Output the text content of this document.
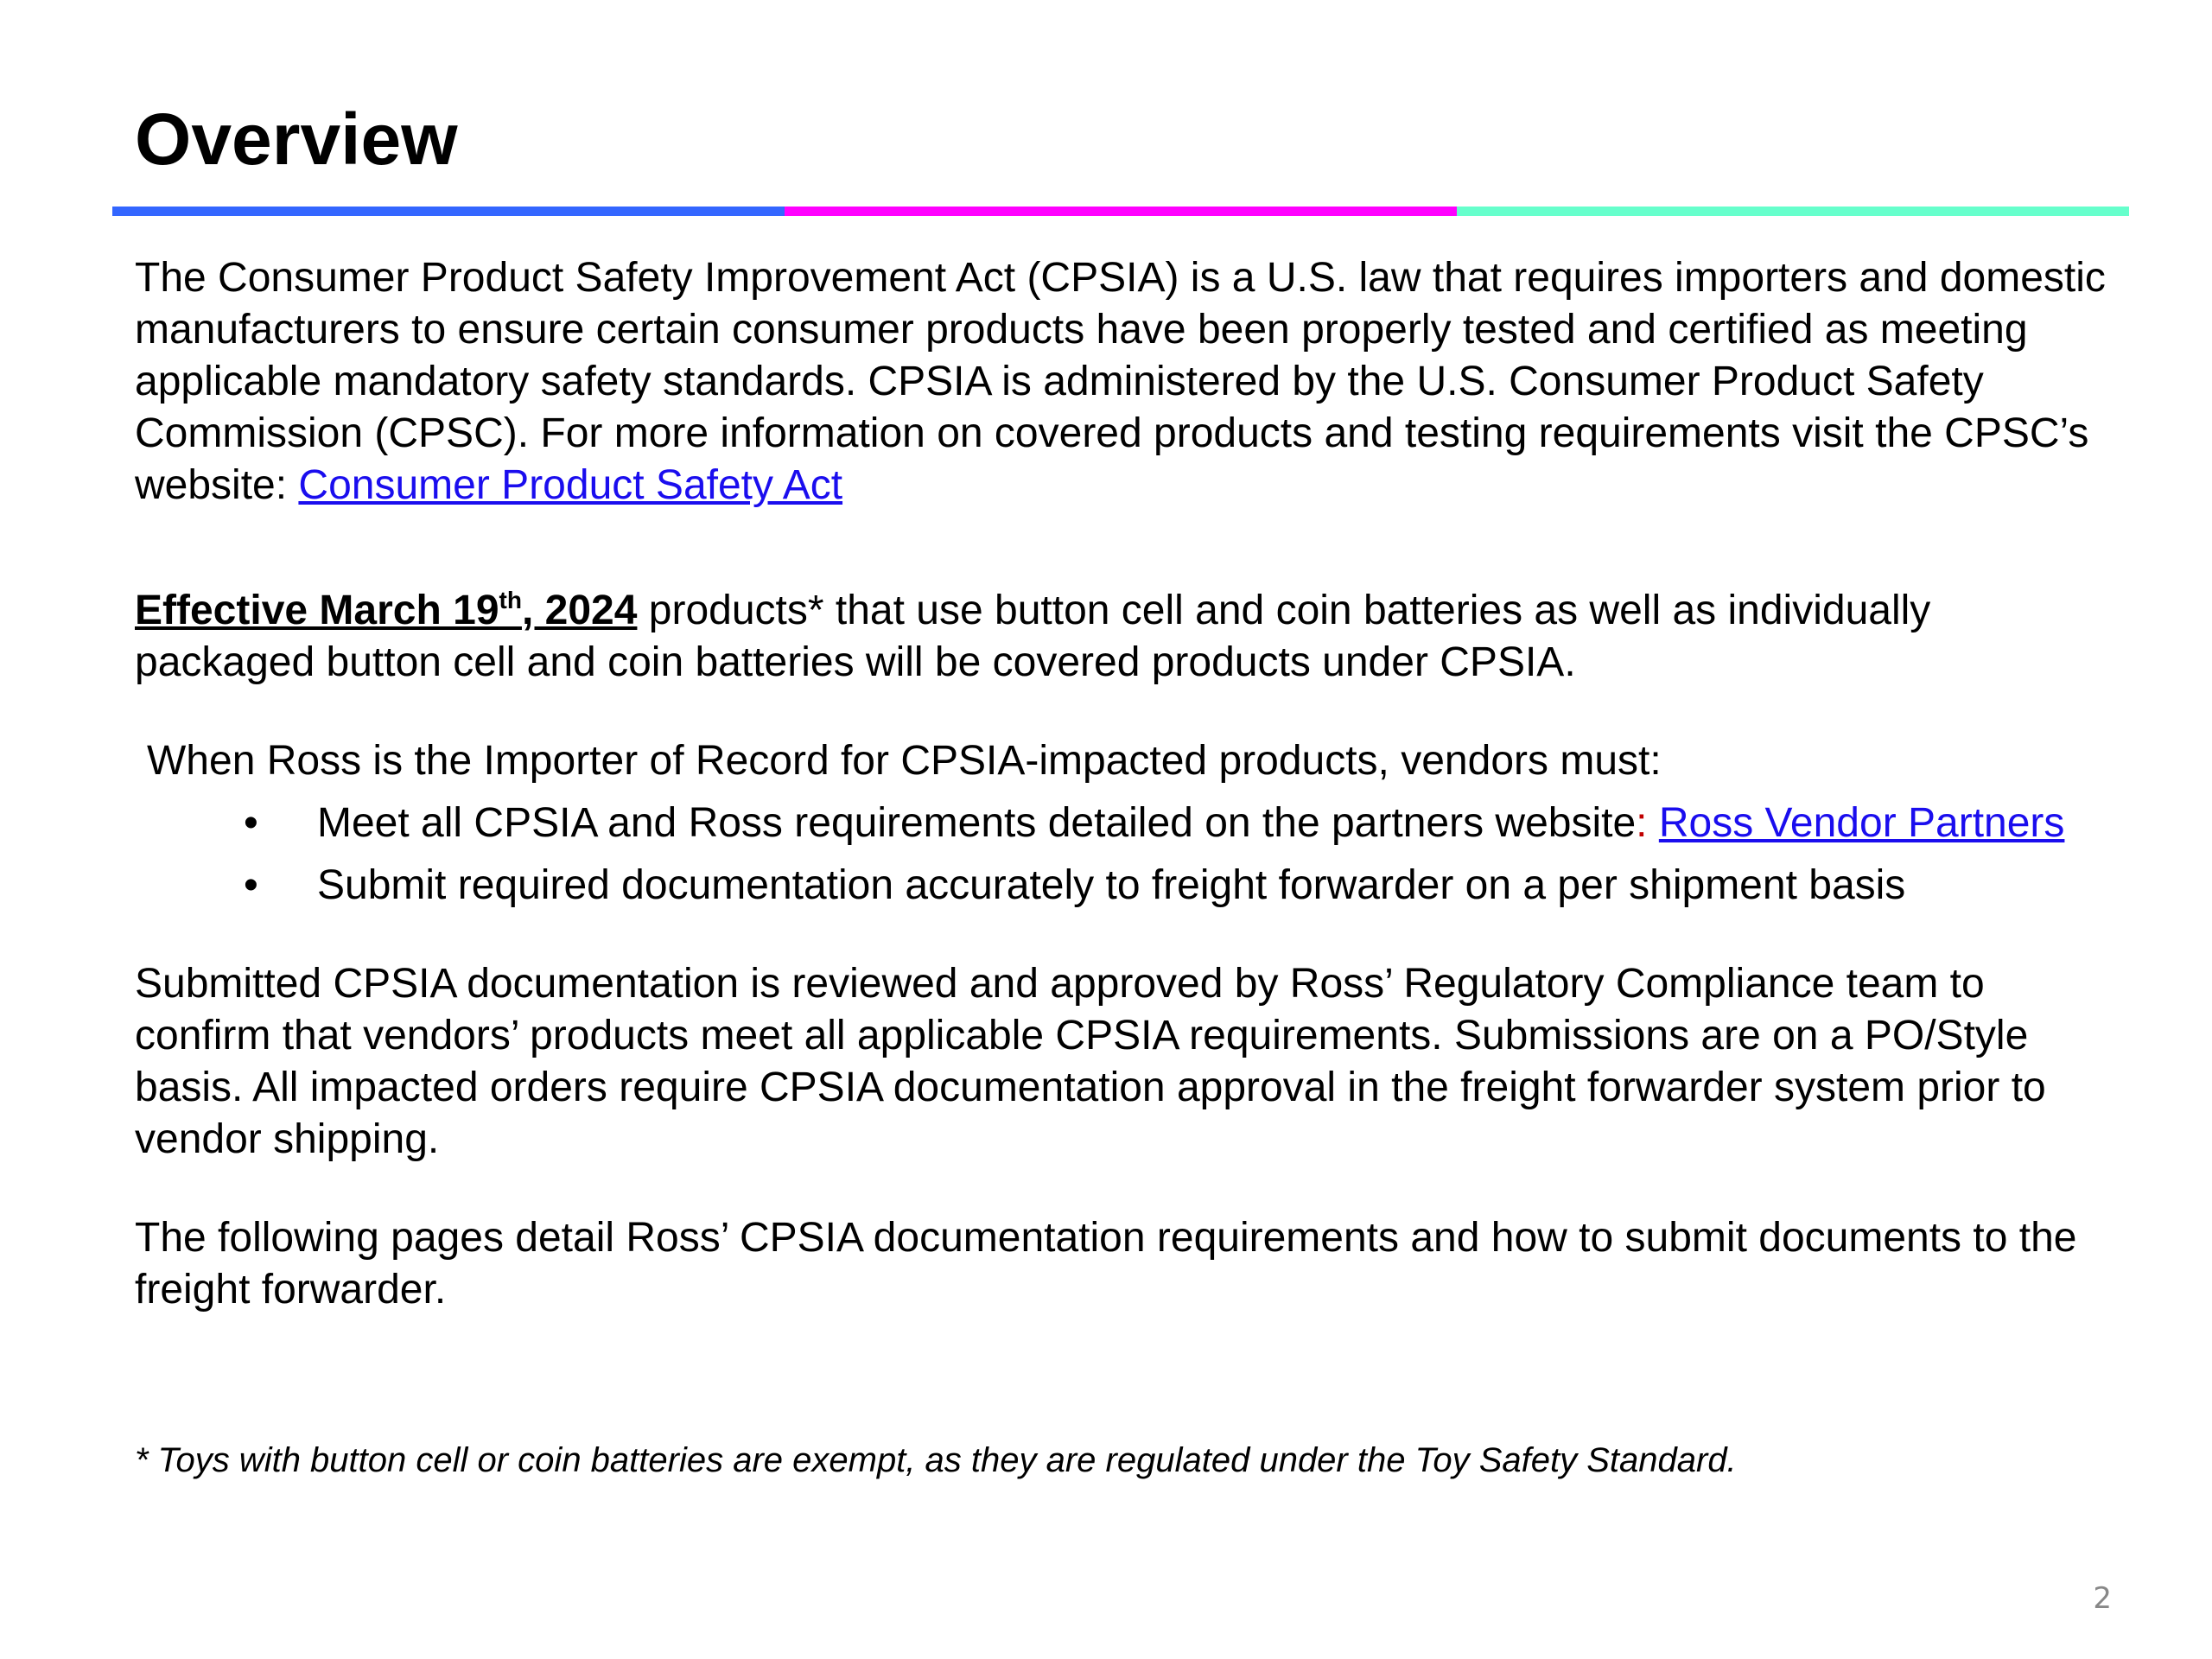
Overview

The Consumer Product Safety Improvement Act (CPSIA) is a U.S. law that requires importers and domestic manufacturers to ensure certain consumer products have been properly tested and certified as meeting applicable mandatory safety standards. CPSIA is administered by the U.S. Consumer Product Safety Commission (CPSC). For more information on covered products and testing requirements visit the CPSC’s website: Consumer Product Safety Act

Effective March 19th, 2024 products* that use button cell and coin batteries as well as individually packaged button cell and coin batteries will be covered products under CPSIA.

When Ross is the Importer of Record for CPSIA-impacted products, vendors must:

• Meet all CPSIA and Ross requirements detailed on the partners website: Ross Vendor Partners
• Submit required documentation accurately to freight forwarder on a per shipment basis

Submitted CPSIA documentation is reviewed and approved by Ross’ Regulatory Compliance team to confirm that vendors’ products meet all applicable CPSIA requirements. Submissions are on a PO/Style basis. All impacted orders require CPSIA documentation approval in the freight forwarder system prior to vendor shipping.

The following pages detail Ross’ CPSIA documentation requirements and how to submit documents to the freight forwarder.

* Toys with button cell or coin batteries are exempt, as they are regulated under the Toy Safety Standard.

2
